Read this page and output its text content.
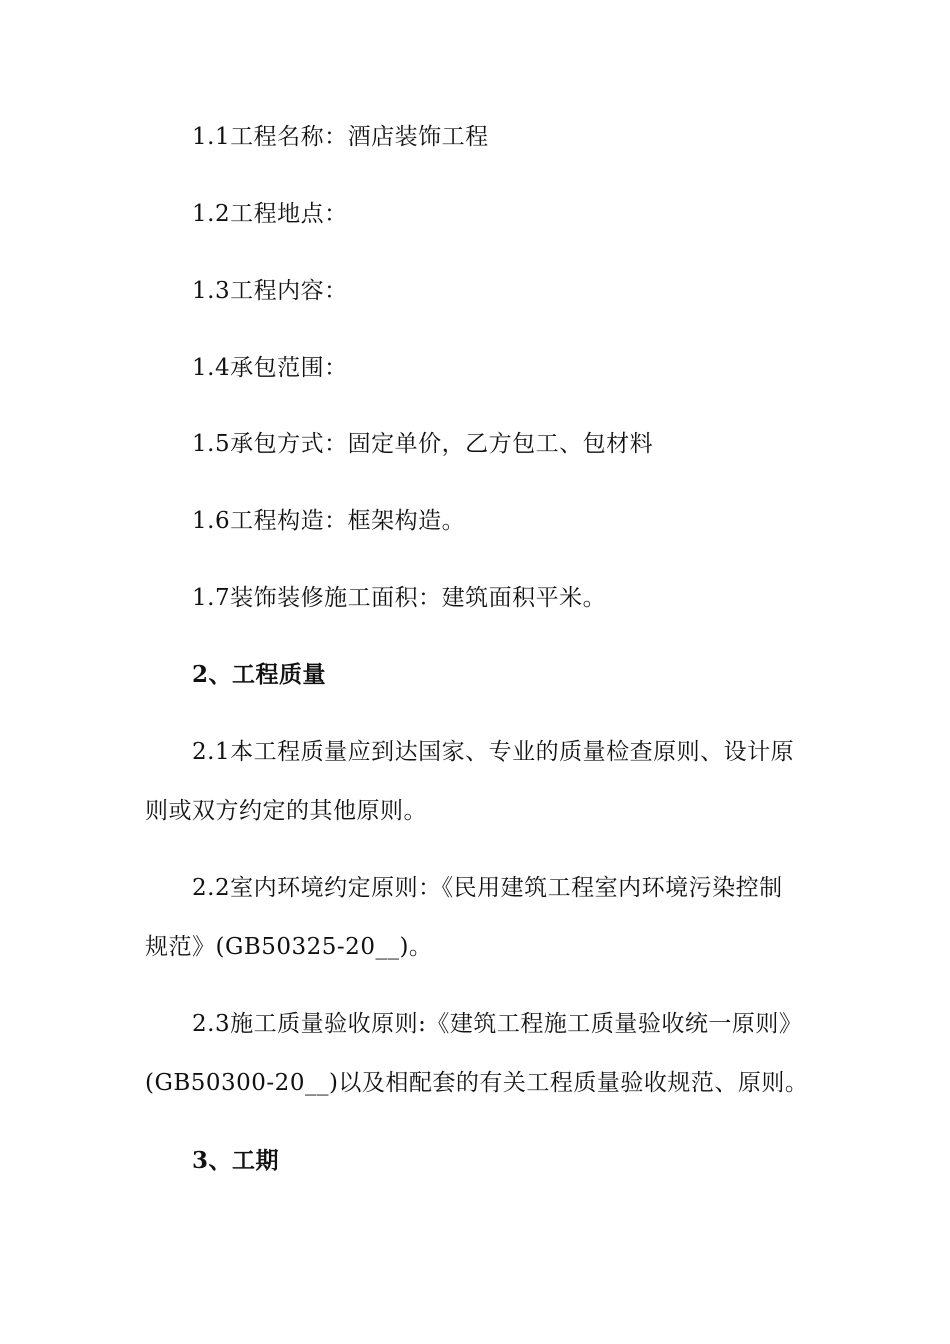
1.1工程名称：酒店装饰工程
1.2工程地点：
1.3工程内容：
1.4承包范围：
1.5承包方式：固定单价，乙方包工、包材料
1.6工程构造：框架构造。
1.7装饰装修施工面积：建筑面积平米。
2、工程质量
2.1本工程质量应到达国家、专业的质量检查原则、设计原
则或双方约定的其他原则。
2.2室内环境约定原则：《民用建筑工程室内环境污染控制
规范》(GB50325-20__)。
2.3施工质量验收原则:《建筑工程施工质量验收统一原则》
(GB50300-20__)以及相配套的有关工程质量验收规范、原则。
3、工期
